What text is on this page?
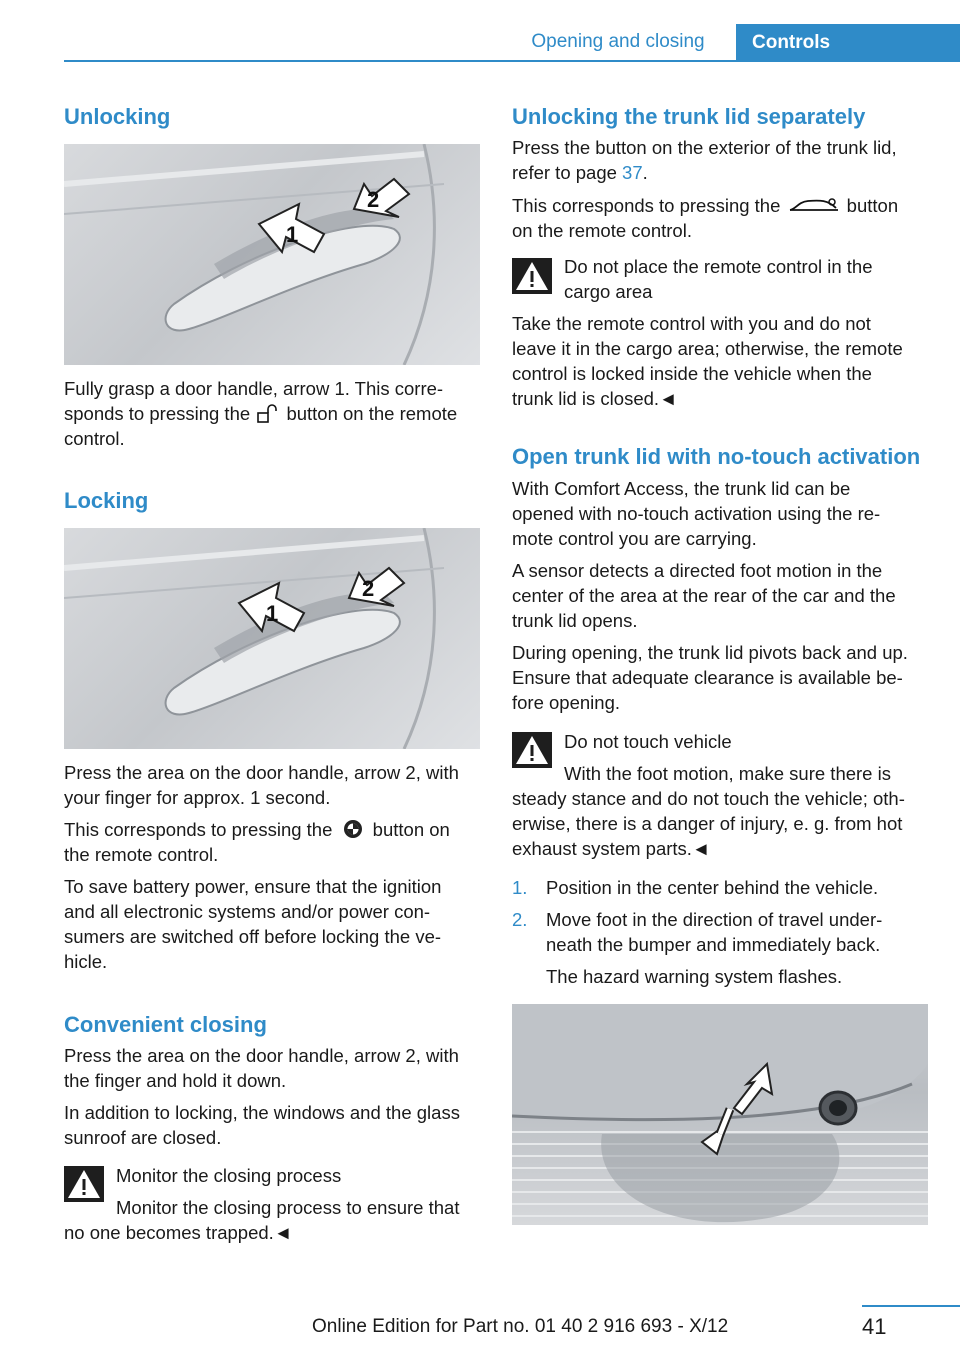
Opening and closing	Controls
Unlocking
1
2

Fully grasp a door handle, arrow 1. This corre-

sponds to pressing the button on the remote

control.

Locking
1
2

Press the area on the door handle, arrow 2, with

your finger for approx. 1 second.

This corresponds to pressing the button on

the remote control.

To save battery power, ensure that the ignition

and all electronic systems and/or power con-

sumers are switched off before locking the ve-

hicle.

Convenient closing

Press the area on the door handle, arrow 2, with

the finger and hold it down.

In addition to locking, the windows and the glass

sunroof are closed.

Monitor the closing process
Monitor the closing process to ensure that

no one becomes trapped.◄

Unlocking the trunk lid separately

Press the button on the exterior of the trunk lid,

refer to page 37.

This corresponds to pressing the	button

on the remote control.

Do not place the remote control in the
cargo area

Take the remote control with you and do not

leave it in the cargo area; otherwise, the remote

control is locked inside the vehicle when the

trunk lid is closed.◄

Open trunk lid with no-touch activation

With Comfort Access, the trunk lid can be

opened with no-touch activation using the re-

mote control you are carrying.

A sensor detects a directed foot motion in the

center of the area at the rear of the car and the

trunk lid opens.

During opening, the trunk lid pivots back and up.

Ensure that adequate clearance is available be-

fore opening.

Do not touch vehicle
With the foot motion, make sure there is

steady stance and do not touch the vehicle; oth-

erwise, there is a danger of injury, e. g. from hot

exhaust system parts.◄

1. Position in the center behind the vehicle.
2. Move foot in the direction of travel under-
neath the bumper and immediately back.
The hazard warning system flashes.
41
Online Edition for Part no. 01 40 2 916 693 - X/12
